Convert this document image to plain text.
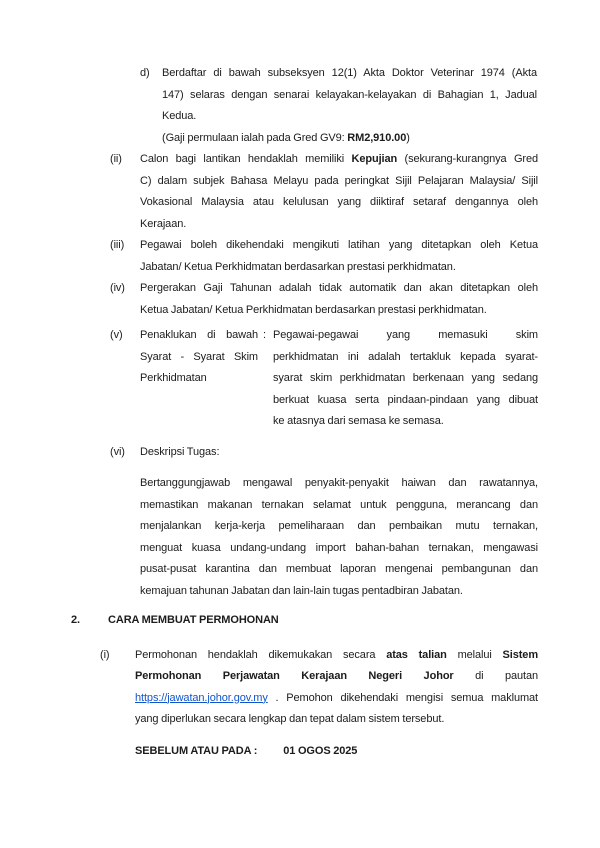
d)	Berdaftar di bawah subseksyen 12(1) Akta Doktor Veterinar 1974 (Akta
147) selaras dengan senarai kelayakan-kelayakan di Bahagian 1, Jadual
Kedua.
(Gaji permulaan ialah pada Gred GV9: RM2,910.00)
(ii)	Calon bagi lantikan hendaklah memiliki Kepujian (sekurang-kurangnya Gred
C) dalam subjek Bahasa Melayu pada peringkat Sijil Pelajaran Malaysia/ Sijil
Vokasional Malaysia atau kelulusan yang diiktiraf setaraf dengannya oleh
Kerajaan.
(iii)	Pegawai boleh dikehendaki mengikuti latihan yang ditetapkan oleh Ketua
Jabatan/ Ketua Perkhidmatan berdasarkan prestasi perkhidmatan.
(iv)	Pergerakan Gaji Tahunan adalah tidak automatik dan akan ditetapkan oleh
Ketua Jabatan/ Ketua Perkhidmatan berdasarkan prestasi perkhidmatan.
(v)	Penaklukan di bawah
Syarat - Syarat Skim
Perkhidmatan
: Pegawai-pegawai yang memasuki skim
perkhidmatan ini adalah tertakluk kepada syarat-
syarat skim perkhidmatan berkenaan yang sedang
berkuat kuasa serta pindaan-pindaan yang dibuat
ke atasnya dari semasa ke semasa.
(vi)	Deskripsi Tugas:
Bertanggungjawab mengawal penyakit-penyakit haiwan dan rawatannya,
memastikan makanan ternakan selamat untuk pengguna, merancang dan
menjalankan kerja-kerja pemeliharaan dan pembaikan mutu ternakan,
menguat kuasa undang-undang import bahan-bahan ternakan, mengawasi
pusat-pusat karantina dan membuat laporan mengenai pembangunan dan
kemajuan tahunan Jabatan dan lain-lain tugas pentadbiran Jabatan.
2.	CARA MEMBUAT PERMOHONAN
(i)	Permohonan hendaklah dikemukakan secara atas talian melalui Sistem
Permohonan Perjawatan Kerajaan Negeri Johor di pautan
https://jawatan.johor.gov.my . Pemohon dikehendaki mengisi semua maklumat
yang diperlukan secara lengkap dan tepat dalam sistem tersebut.
SEBELUM ATAU PADA : 01 OGOS 2025
